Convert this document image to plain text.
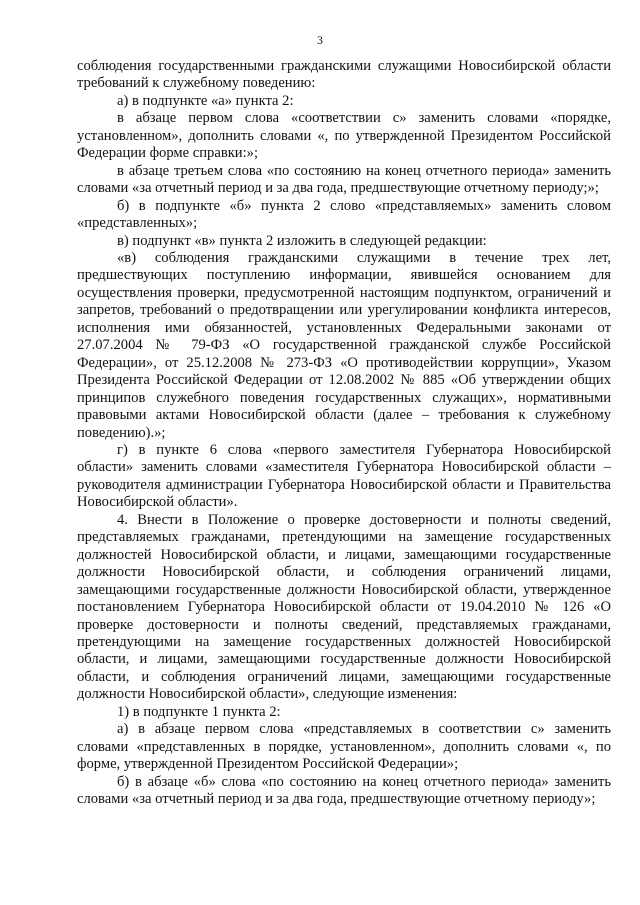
3

соблюдения государственными гражданскими служащими Новосибирской области требований к служебному поведению:

а) в подпункте «а» пункта 2:

в абзаце первом слова «соответствии с» заменить словами «порядке, установленном», дополнить словами «, по утвержденной Президентом Российской Федерации форме справки:»;

в абзаце третьем слова «по состоянию на конец отчетного периода» заменить словами «за отчетный период и за два года, предшествующие отчетному периоду;»;

б) в подпункте «б» пункта 2 слово «представляемых» заменить словом «представленных»;

в) подпункт «в» пункта 2 изложить в следующей редакции:

«в) соблюдения гражданскими служащими в течение трех лет, предшествующих поступлению информации, явившейся основанием для осуществления проверки, предусмотренной настоящим подпунктом, ограничений и запретов, требований о предотвращении или урегулировании конфликта интересов, исполнения ими обязанностей, установленных Федеральными законами от 27.07.2004 № 79-ФЗ «О государственной гражданской службе Российской Федерации», от 25.12.2008 № 273-ФЗ «О противодействии коррупции», Указом Президента Российской Федерации от 12.08.2002 № 885 «Об утверждении общих принципов служебного поведения государственных служащих», нормативными правовыми актами Новосибирской области (далее – требования к служебному поведению).»;

г) в пункте 6 слова «первого заместителя Губернатора Новосибирской области» заменить словами «заместителя Губернатора Новосибирской области – руководителя администрации Губернатора Новосибирской области и Правительства Новосибирской области».

4. Внести в Положение о проверке достоверности и полноты сведений, представляемых гражданами, претендующими на замещение государственных должностей Новосибирской области, и лицами, замещающими государственные должности Новосибирской области, и соблюдения ограничений лицами, замещающими государственные должности Новосибирской области, утвержденное постановлением Губернатора Новосибирской области от 19.04.2010 № 126 «О проверке достоверности и полноты сведений, представляемых гражданами, претендующими на замещение государственных должностей Новосибирской области, и лицами, замещающими государственные должности Новосибирской области, и соблюдения ограничений лицами, замещающими государственные должности Новосибирской области», следующие изменения:

1) в подпункте 1 пункта 2:

а) в абзаце первом слова «представляемых в соответствии с» заменить словами «представленных в порядке, установленном», дополнить словами «, по форме, утвержденной Президентом Российской Федерации»;

б) в абзаце «б» слова «по состоянию на конец отчетного периода» заменить словами «за отчетный период и за два года, предшествующие отчетному периоду»;
